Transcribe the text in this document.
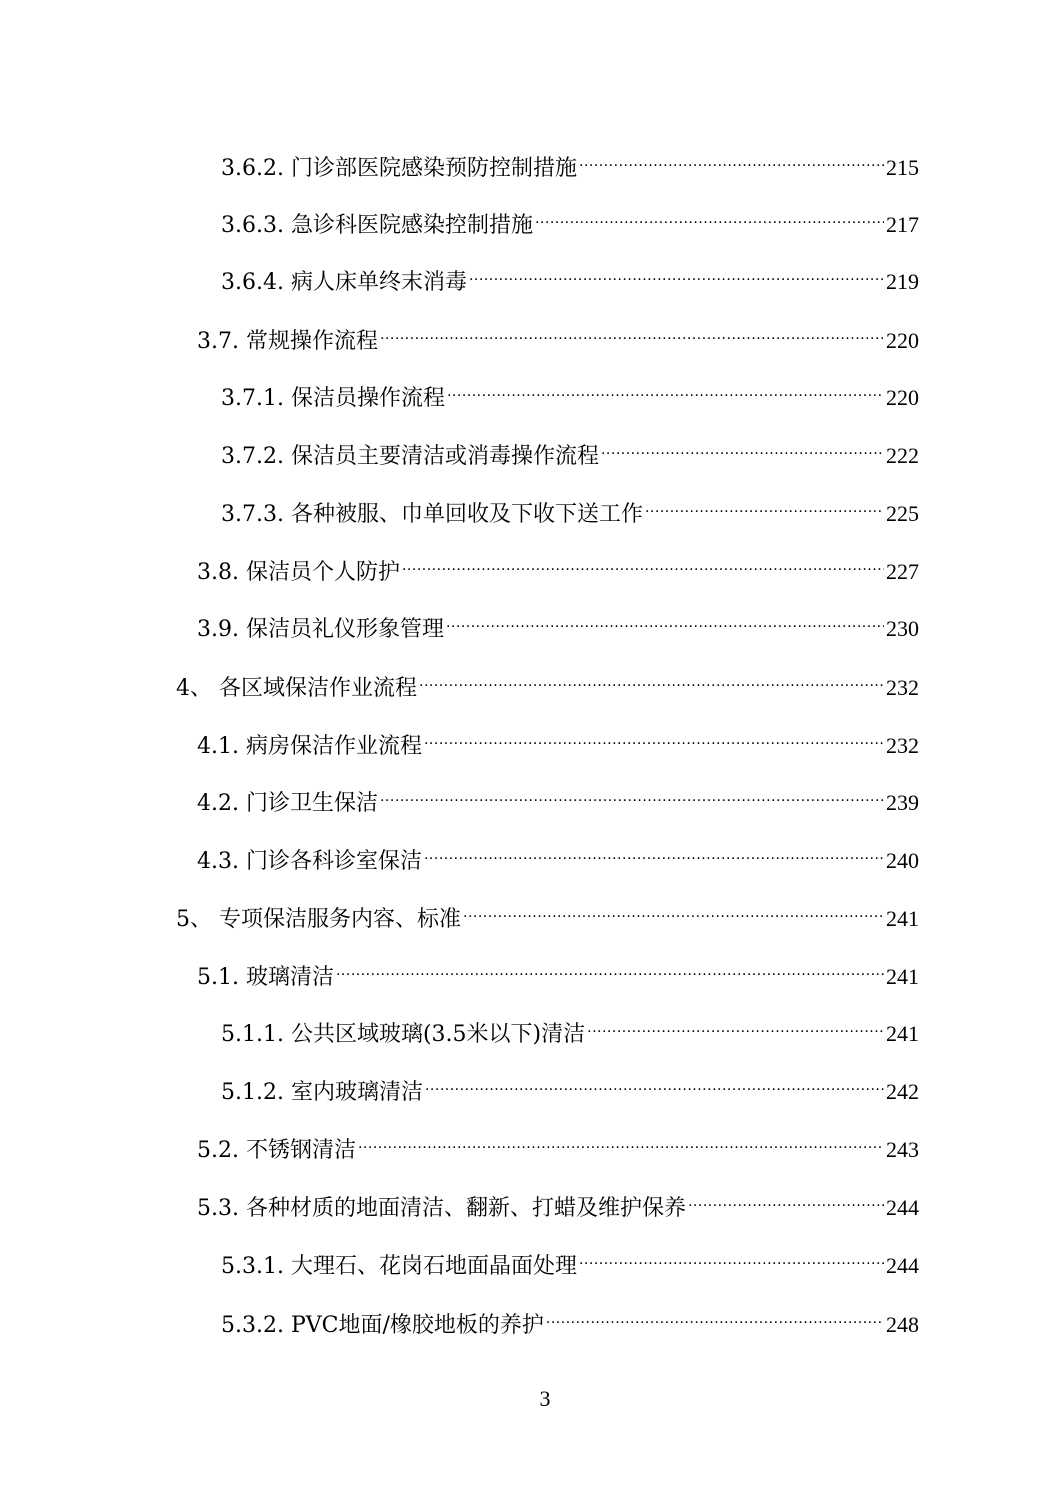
3.6.2. 门诊部医院感染预防控制措施 .....	215
3.6.3. 急诊科医院感染控制措施 .....	217
3.6.4. 病人床单终末消毒 .....	219
3.7. 常规操作流程 .....	220
3.7.1. 保洁员操作流程 .....	220
3.7.2. 保洁员主要清洁或消毒操作流程 .....	222
3.7.3. 各种被服、巾单回收及下收下送工作 .....	225
3.8. 保洁员个人防护 .....	227
3.9. 保洁员礼仪形象管理 .....	230
4、 各区域保洁作业流程 .....	232
4.1. 病房保洁作业流程 .....	232
4.2. 门诊卫生保洁 .....	239
4.3. 门诊各科诊室保洁 .....	240
5、 专项保洁服务内容、标准 .....	241
5.1. 玻璃清洁 .....	241
5.1.1. 公共区域玻璃(3.5米以下)清洁 .....	241
5.1.2. 室内玻璃清洁 .....	242
5.2. 不锈钢清洁 .....	243
5.3. 各种材质的地面清洁、翻新、打蜡及维护保养 .....	244
5.3.1. 大理石、花岗石地面晶面处理 .....	244
5.3.2. PVC地面/橡胶地板的养护 .....	248
3
